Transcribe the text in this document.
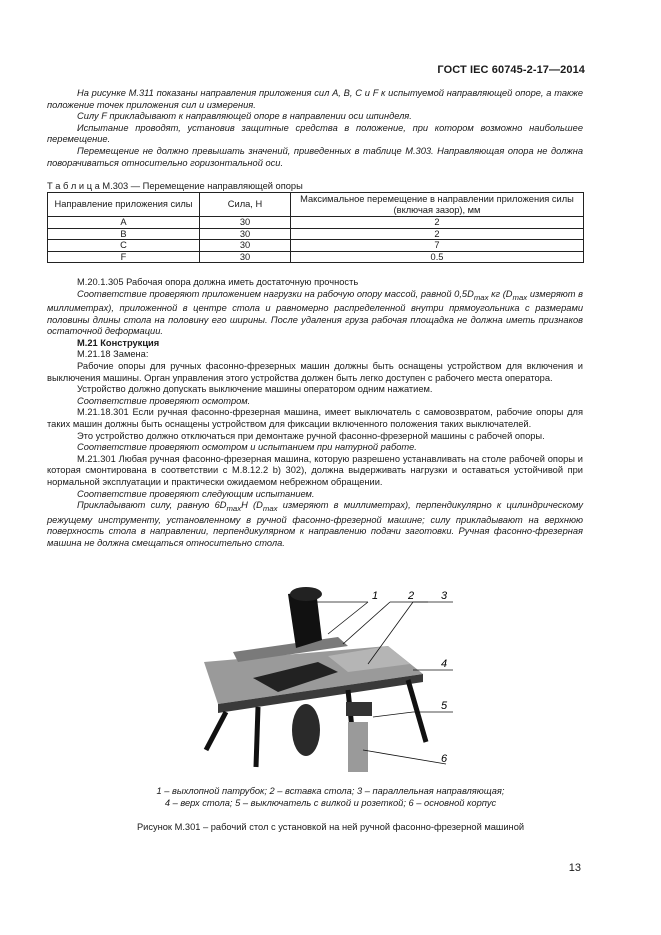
ГОСТ IEC 60745-2-17—2014

На рисунке М.311 показаны направления приложения сил А, В, С и F к испытуемой направляющей опоре, а также положение точек приложения сил и измерения.

Силу F прикладывают к направляющей опоре в направлении оси шпинделя.

Испытание проводят, установив защитные средства в положение, при котором возможно наибольшее перемещение.

Перемещение не должно превышать значений, приведенных в таблице М.303. Направляющая опора не должна поворачиваться относительно горизонтальной оси.

Т а б л и ц а М.303 — Перемещение направляющей опоры
Направление приложения силы	Сила, Н	Максимальное перемещение в направлении приложения силы (включая зазор), мм
A	30	2
B	30	2
C	30	7
F	30	0.5

М.20.1.305 Рабочая опора должна иметь достаточную прочность

Соответствие проверяют приложением нагрузки на рабочую опору массой, равной $0,5D_{max}$ кг ($D_{max}$ измеряют в миллиметрах), приложенной в центре стола и равномерно распределенной внутри прямоугольника с размерами половины длины стола на половину его ширины. После удаления груза рабочая площадка не должна иметь признаков остаточной деформации.

М.21 Конструкция

М.21.18 Замена:

Рабочие опоры для ручных фасонно-фрезерных машин должны быть оснащены устройством для включения и выключения машины. Орган управления этого устройства должен быть легко доступен с рабочего места оператора.

Устройство должно допускать выключение машины оператором одним нажатием.

Соответствие проверяют осмотром.

М.21.18.301 Если ручная фасонно-фрезерная машина, имеет выключатель с самовозвратом, рабочие опоры для таких машин должны быть оснащены устройством для фиксации включенного положения таких выключателей.

Это устройство должно отключаться при демонтаже ручной фасонно-фрезерной машины с рабочей опоры.

Соответствие проверяют осмотром и испытанием при натурной работе.

М.21.301 Любая ручная фасонно-фрезерная машина, которую разрешено устанавливать на столе рабочей опоры и которая смонтирована в соответствии с М.8.12.2 b) 302), должна выдерживать нагрузки и оставаться устойчивой при нормальной эксплуатации и практически ожидаемом небрежном обращении.

Соответствие проверяют следующим испытанием.

Прикладывают силу, равную $6D_{max}H$ ($D_{max}$ измеряют в миллиметрах), перпендикулярно к цилиндрическому режущему инструменту, установленному в ручной фасонно-фрезерной машине; силу прикладывают на верхнюю поверхность стола в направлении, перпендикулярном к направлению подачи заготовки. Ручная фасонно-фрезерная машина не должна смещаться относительно стола.

1	2 3
4
5
6
1 – выхлопной патрубок; 2 – вставка стола; 3 – параллельная направляющая;
4 – верх стола; 5 – выключатель с вилкой и розеткой; 6 – основной корпус
Рисунок М.301 – рабочий стол с установкой на ней ручной фасонно-фрезерной машиной
13
